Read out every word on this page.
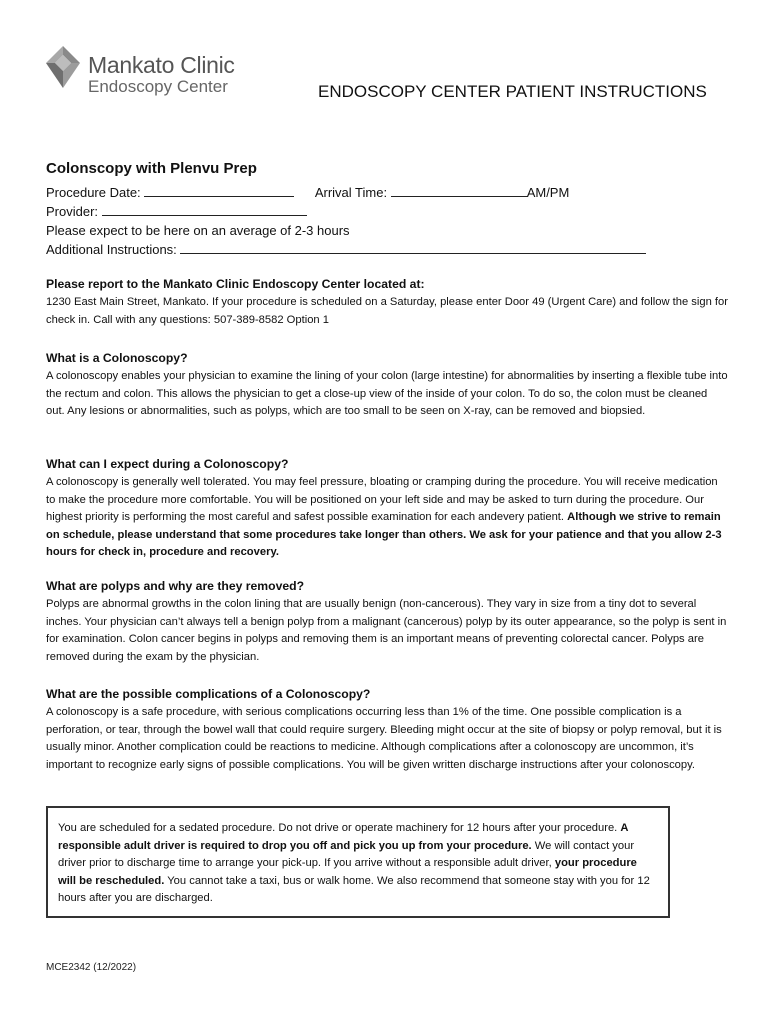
Mankato Clinic
Endoscopy Center	ENDOSCOPY CENTER PATIENT INSTRUCTIONS
Colonscopy with Plenvu Prep
Procedure Date:	Arrival Time:	AM/PM
Provider:
Please expect to be here on an average of 2-3 hours
Additional Instructions:
Please report to the Mankato Clinic Endoscopy Center located at:

1230 East Main Street, Mankato. If your procedure is scheduled on a Saturday, please enter Door 49 (Urgent Care) and follow the sign for check in. Call with any questions: 507-389-8582 Option 1

What is a Colonoscopy?

A colonoscopy enables your physician to examine the lining of your colon (large intestine) for abnormalities by inserting a flexible tube into the rectum and colon. This allows the physician to get a close-up view of the inside of your colon. To do so, the colon must be cleaned out. Any lesions or abnormalities, such as polyps, which are too small to be seen on X-ray, can be removed and biopsied.

What can I expect during a Colonoscopy?

A colonoscopy is generally well tolerated. You may feel pressure, bloating or cramping during the procedure. You will receive medication to make the procedure more comfortable. You will be positioned on your left side and may be asked to turn during the procedure. Our highest priority is performing the most careful and safest possible examination for each andevery patient. Although we strive to remain on schedule, please understand that some procedures take longer than others. We ask for your patience and that you allow 2-3 hours for check in, procedure and recovery.

What are polyps and why are they removed?

Polyps are abnormal growths in the colon lining that are usually benign (non-cancerous). They vary in size from a tiny dot to several inches. Your physician can’t always tell a benign polyp from a malignant (cancerous) polyp by its outer appearance, so the polyp is sent in for examination. Colon cancer begins in polyps and removing them is an important means of preventing colorectal cancer. Polyps are removed during the exam by the physician.

What are the possible complications of a Colonoscopy?

A colonoscopy is a safe procedure, with serious complications occurring less than 1% of the time. One possible complication is a perforation, or tear, through the bowel wall that could require surgery. Bleeding might occur at the site of biopsy or polyp removal, but it is usually minor. Another complication could be reactions to medicine. Although complications after a colonoscopy are uncommon, it’s important to recognize early signs of possible complications. You will be given written discharge instructions after your colonoscopy.

You are scheduled for a sedated procedure. Do not drive or operate machinery for 12 hours after your procedure. A responsible adult driver is required to drop you off and pick you up from your procedure. We will contact your driver prior to discharge time to arrange your pick-up. If you arrive without a responsible adult driver, your procedure will be rescheduled. You cannot take a taxi, bus or walk home. We also recommend that someone stay with you for 12 hours after you are discharged.
MCE2342 (12/2022)
